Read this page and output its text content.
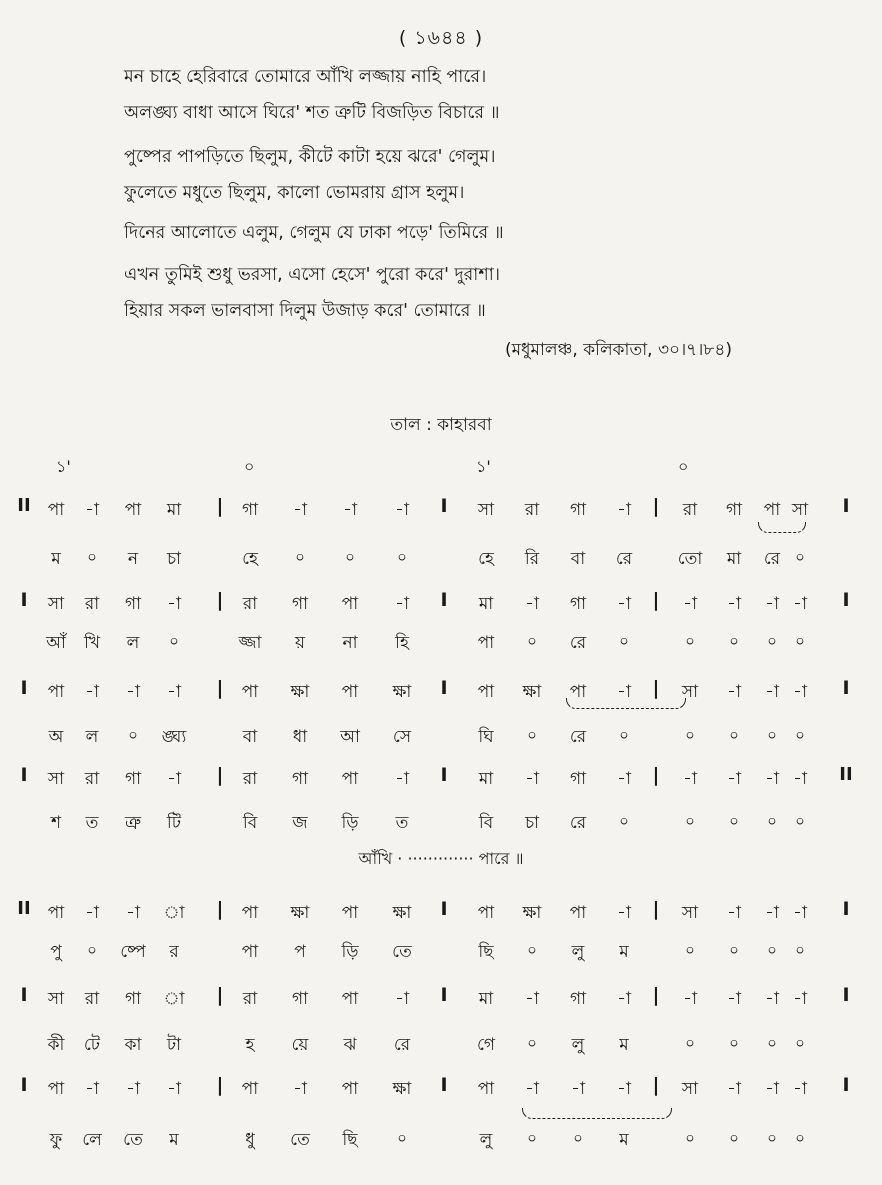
( ১৬৪৪ )
মন চাহে হেরিবারে তোমারে আঁখি লজ্জায় নাহি পারে।
অলঙ্ঘ্য বাধা আসে ঘিরে' শত ত্রুটি বিজড়িত বিচারে ॥
পুষ্পের পাপড়িতে ছিলুম, কীটে কাটা হয়ে ঝরে' গেলুম।
ফুলেতে মধুতে ছিলুম, কালো ভোমরায় গ্রাস হলুম।
দিনের আলোতে এলুম, গেলুম যে ঢাকা পড়ে' তিমিরে ॥
এখন তুমিই শুধু ভরসা, এসো হেসে' পুরো করে' দুরাশা।
হিয়ার সকল ভালবাসা দিলুম উজাড় করে' তোমারে ॥
(মধুমালঞ্চ, কলিকাতা, ৩০।৭।৮৪)
তাল : কাহারবা
১'	০	১'	০
II	পা	-া	পা	মা	|	গা	-া	-া	-া	I	সা	রা	গা	-া	|	রা	গা	পা সা	I
ম	০	ন	চা	হে	০	০	০	হে	রি	বা	রে	তো	মা	রে ০
I	সা	রা	গা	-া	|	রা	গা	পা	-া	I	মা	-া	গা	-া	|	-া	-া	-া -া	I
আঁ	খি	ল	০	জ্জা	য়	না	হি	পা	০	রে	০	০	০	০	০
I	পা	-া	-া	-া	|	পা	ক্ষা	পা	ক্ষা	I	পা	ক্ষা	পা	-া	|	সা	-া	-া -া	I
অ	ল	০	ঙ্ঘ্য	বা	ধা	আ	সে	ঘি	০	রে	০	০	০	০	০
I	সা	রা	গা	-া	|	রা	গা	পা	-া	I	মা	-া	গা	-া	|	-া	-া	-া -া	II
শ	ত	ত্রু	টি	বি	জ	ড়ি	ত	বি	চা	রে	০	০	০	০	০
II	পা	-া	-া	া	|	পা	ক্ষা	পা	ক্ষা	I	পা	ক্ষা	পা	-া	|	সা	-া	-া -া	I
পু	০	ষ্পে	র	পা	প	ড়ি	তে	ছি	০	লু	ম	০	০	০	০
I	সা	রা	গা	া	|	রা	গা	পা	-া	I	মা	-া	গা	-া	|	-া	-া	-া -া	I
কী	টে	কা	টা	হ	য়ে	ঝ	রে	গে	০	লু	ম	০	০	০	০
I	পা	-া	-া	-া	|	পা	-া	পা	ক্ষা	I	পা	-া	-া	-া	|	সা	-া	-া -া	I
ফু	লে	তে	ম	ধু	তে	ছি	০	লু	০	০	ম	০	০	০	০
আঁখি · ············· পারে ॥
